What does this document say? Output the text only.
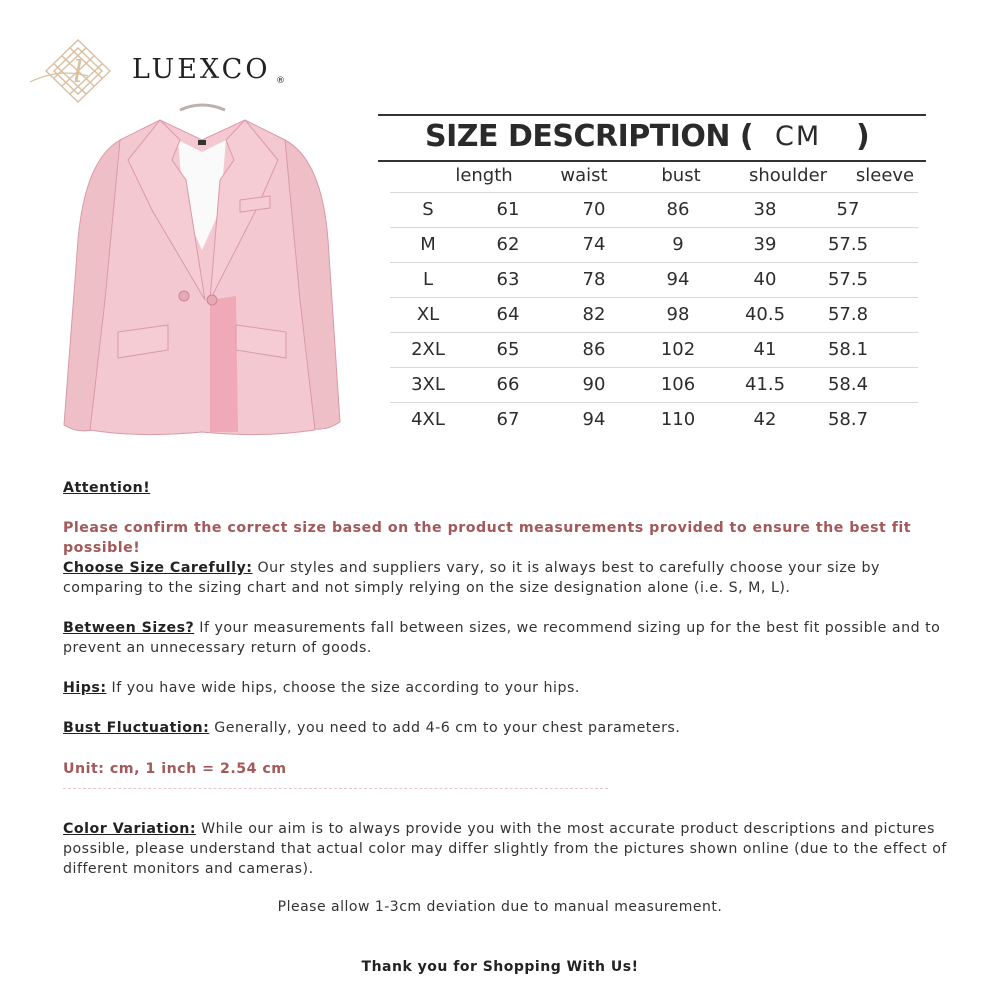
l LUEXCO ®
SIZE DESCRIPTION ( CM )
length	waist	bust	shoulder sleeve
S	61	70	86	38	57
M	62	74	9	39	57.5
L	63	78	94	40	57.5
XL	64	82	98	40.5 57.8
2XL	65	86	102	41	58.1
3XL	66	90	106	41.5 58.4
4XL	67	94	110	42	58.7
Attention!
Please confirm the correct size based on the product measurements provided to ensure the best fit possible!
Choose Size Carefully: Our styles and suppliers vary, so it is always best to carefully choose your size by comparing to the sizing chart and not simply relying on the size designation alone (i.e. S, M, L).
Between Sizes? If your measurements fall between sizes, we recommend sizing up for the best fit possible and to prevent an unnecessary return of goods.
Hips: If you have wide hips, choose the size according to your hips.
Bust Fluctuation: Generally, you need to add 4-6 cm to your chest parameters.
Unit: cm, 1 inch = 2.54 cm
Color Variation: While our aim is to always provide you with the most accurate product descriptions and pictures possible, please understand that actual color may differ slightly from the pictures shown online (due to the effect of different monitors and cameras).
Please allow 1-3cm deviation due to manual measurement.
Thank you for Shopping With Us!
